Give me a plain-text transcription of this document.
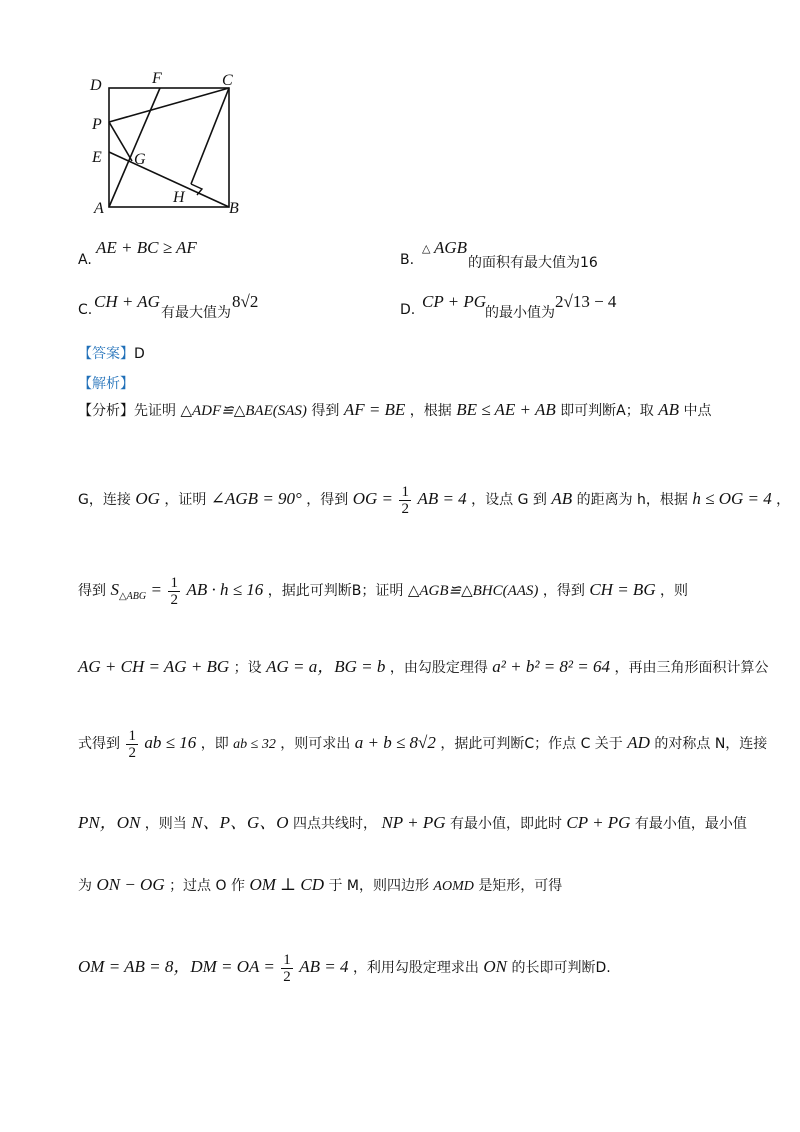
D	F	C
P
E G
H
A	B
A.
AE + BC ≥ AF
B.
△ AGB
的面积有最大值为16
C. CH + AG
有最大值为
8√2	D. CP + PG
的最小值为
2√13 − 4
【答案】D
【解析】
【分析】先证明 △ADF≌△BAE(SAS) 得到 AF = BE ，根据 BE ≤ AE + AB 即可判断A；取 AB 中点
G，连接 OG ，证明 ∠AGB = 90° ，得到 OG = $\frac{1}{2}$ AB = 4 ，设点 G 到 AB 的距离为 h，根据 h ≤ OG = 4 ，
得到 $S_{\triangle ABG} = \frac{1}{2}$ AB · h ≤ 16 ，据此可判断B；证明 △AGB≌△BHC(AAS) ，得到 CH = BG ，则
AG + CH = AG + BG ；设 AG = a，BG = b ，由勾股定理得 a² + b² = 8² = 64 ，再由三角形面积计算公
式得到 $\frac{1}{2}$ ab ≤ 16 ，即 ab ≤ 32 ，则可求出 a + b ≤ 8√2 ，据此可判断C；作点 C 关于 AD 的对称点 N，连接
PN，ON ，则当 N、P、G、O 四点共线时， NP + PG 有最小值，即此时 CP + PG 有最小值，最小值
为 ON − OG ；过点 O 作 OM ⊥ CD 于 M，则四边形 AOMD 是矩形，可得
OM = AB = 8，DM = OA = $\frac{1}{2}$ AB = 4 ，利用勾股定理求出 ON 的长即可判断D.
